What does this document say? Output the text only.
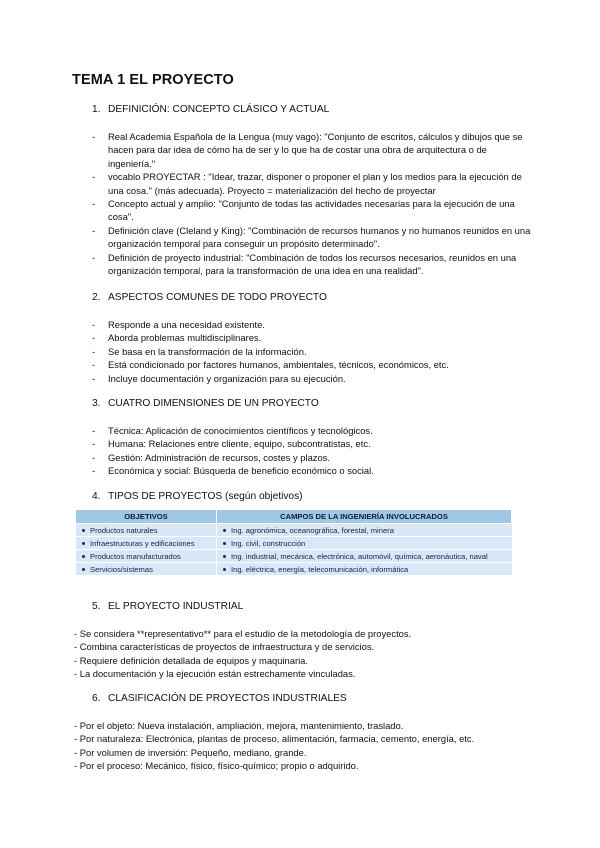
TEMA 1 EL PROYECTO
1. DEFINICIÓN: CONCEPTO CLÁSICO Y ACTUAL
- Real Academia Española de la Lengua (muy vago): "Conjunto de escritos, cálculos y dibujos que se hacen para dar idea de cómo ha de ser y lo que ha de costar una obra de arquitectura o de ingeniería."
- vocablo PROYECTAR : "Idear, trazar, disponer o proponer el plan y los medios para la ejecución de una cosa." (más adecuada). Proyecto = materialización del hecho de proyectar
- Concepto actual y amplio: "Conjunto de todas las actividades necesarias para la ejecución de una cosa".
- Definición clave (Cleland y King): "Combinación de recursos humanos y no humanos reunidos en una organización temporal para conseguir un propósito determinado".
- Definición de proyecto industrial: "Combinación de todos los recursos necesarios, reunidos en una organización temporal, para la transformación de una idea en una realidad".
2. ASPECTOS COMUNES DE TODO PROYECTO
- Responde a una necesidad existente.
- Aborda problemas multidisciplinares.
- Se basa en la transformación de la información.
- Está condicionado por factores humanos, ambientales, técnicos, económicos, etc.
- Incluye documentación y organización para su ejecución.
3. CUATRO DIMENSIONES DE UN PROYECTO
- Técnica: Aplicación de conocimientos científicos y tecnológicos.
- Humana: Relaciones entre cliente, equipo, subcontratistas, etc.
- Gestión: Administración de recursos, costes y plazos.
- Económica y social: Búsqueda de beneficio económico o social.
4. TIPOS DE PROYECTOS (según objetivos)
OBJETIVOS	CAMPOS DE LA INGENIERÍA INVOLUCRADOS
Productos naturales	Ing. agronómica, oceanográfica, forestal, minera
Infraestructuras y edificaciones	Ing. civil, construcción
Productos manufacturados	Ing. industrial, mecánica, electrónica, automóvil, química, aeronáutica, naval
Servicios/sistemas	Ing. eléctrica, energía, telecomunicación, informática
5. EL PROYECTO INDUSTRIAL
- Se considera **representativo** para el estudio de la metodología de proyectos.
- Combina características de proyectos de infraestructura y de servicios.
- Requiere definición detallada de equipos y maquinaria.
- La documentación y la ejecución están estrechamente vinculadas.
6. CLASIFICACIÓN DE PROYECTOS INDUSTRIALES
- Por el objeto: Nueva instalación, ampliación, mejora, mantenimiento, traslado.
- Por naturaleza: Electrónica, plantas de proceso, alimentación, farmacia, cemento, energía, etc.
- Por volumen de inversión: Pequeño, mediano, grande.
- Por el proceso: Mecánico, físico, físico-químico; propio o adquirido.
